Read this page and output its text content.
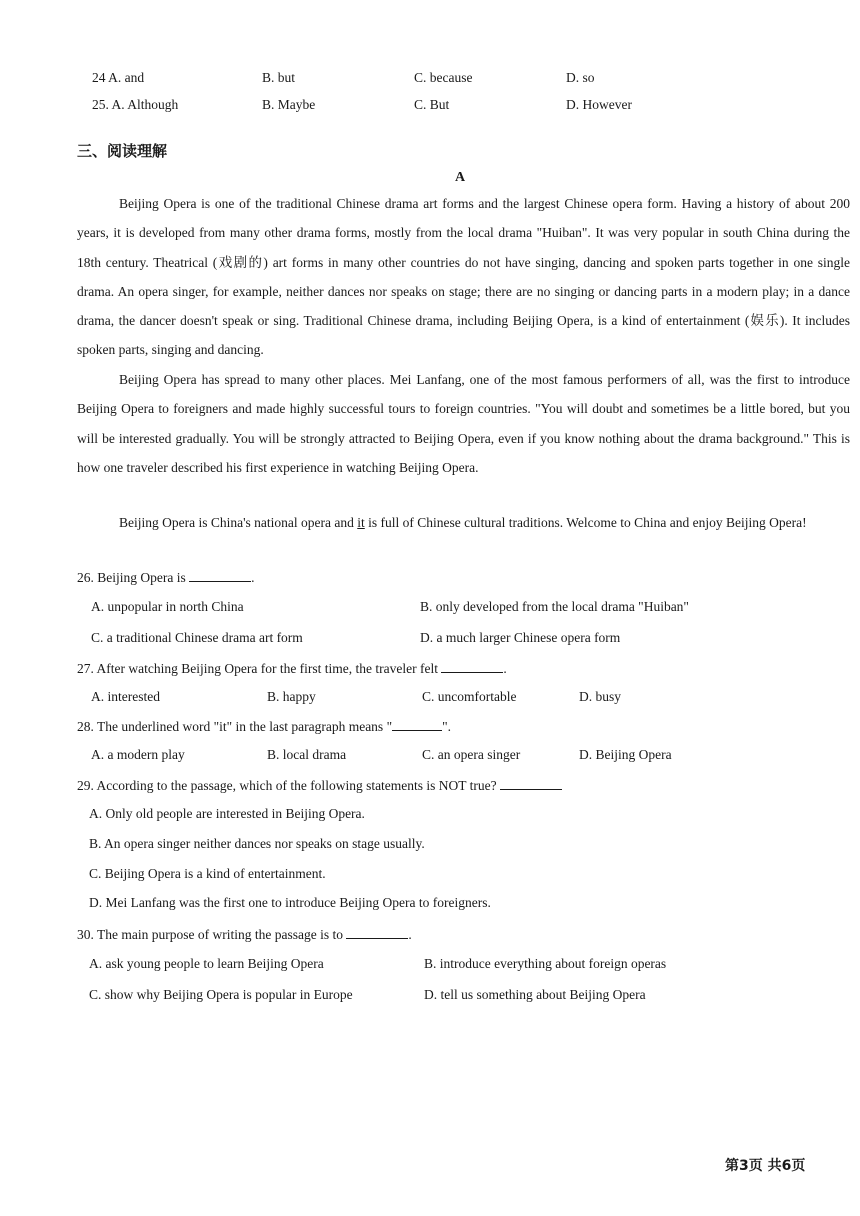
24 A. and	B. but	C. because	D. so
25. A. Although	B. Maybe	C. But	D. However
三、阅读理解
A

Beijing Opera is one of the traditional Chinese drama art forms and the largest Chinese opera form. Having a history of about 200 years, it is developed from many other drama forms, mostly from the local drama "Huiban". It was very popular in south China during the 18th century. Theatrical (戏剧的) art forms in many other countries do not have singing, dancing and spoken parts together in one single drama. An opera singer, for example, neither dances nor speaks on stage; there are no singing or dancing parts in a modern play; in a dance drama, the dancer doesn't speak or sing. Traditional Chinese drama, including Beijing Opera, is a kind of entertainment (娱乐). It includes spoken parts, singing and dancing.

Beijing Opera has spread to many other places. Mei Lanfang, one of the most famous performers of all, was the first to introduce Beijing Opera to foreigners and made highly successful tours to foreign countries. "You will doubt and sometimes be a little bored, but you will be interested gradually. You will be strongly attracted to Beijing Opera, even if you know nothing about the drama background." This is how one traveler described his first experience in watching Beijing Opera.

Beijing Opera is China's national opera and it is full of Chinese cultural traditions. Welcome to China and enjoy Beijing Opera!

26. Beijing Opera is	.
A. unpopular in north China	B. only developed from the local drama "Huiban"
C. a traditional Chinese drama art form	D. a much larger Chinese opera form
27. After watching Beijing Opera for the first time, the traveler felt	.
A. interested	B. happy	C. uncomfortable	D. busy
28. The underlined word "it" in the last paragraph means "	".
A. a modern play	B. local drama	C. an opera singer	D. Beijing Opera
29. According to the passage, which of the following statements is NOT true?
A. Only old people are interested in Beijing Opera.
B. An opera singer neither dances nor speaks on stage usually.
C. Beijing Opera is a kind of entertainment.
D. Mei Lanfang was the first one to introduce Beijing Opera to foreigners.
30. The main purpose of writing the passage is to	.
A. ask young people to learn Beijing Opera	B. introduce everything about foreign operas
C. show why Beijing Opera is popular in Europe	D. tell us something about Beijing Opera
第3页 共6页
